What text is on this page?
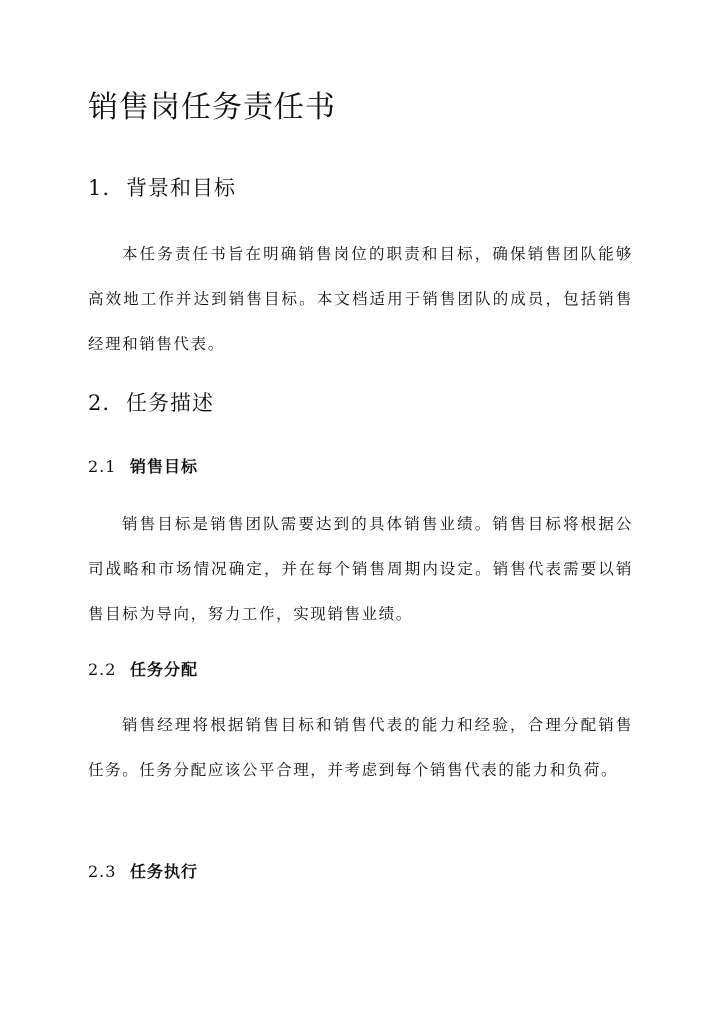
销售岗任务责任书
1. 背景和目标

本任务责任书旨在明确销售岗位的职责和目标，确保销售团队能够高效地工作并达到销售目标。本文档适用于销售团队的成员，包括销售经理和销售代表。

2. 任务描述
2.1 销售目标

销售目标是销售团队需要达到的具体销售业绩。销售目标将根据公司战略和市场情况确定，并在每个销售周期内设定。销售代表需要以销售目标为导向，努力工作，实现销售业绩。

2.2 任务分配

销售经理将根据销售目标和销售代表的能力和经验，合理分配销售任务。任务分配应该公平合理，并考虑到每个销售代表的能力和负荷。

2.3 任务执行
